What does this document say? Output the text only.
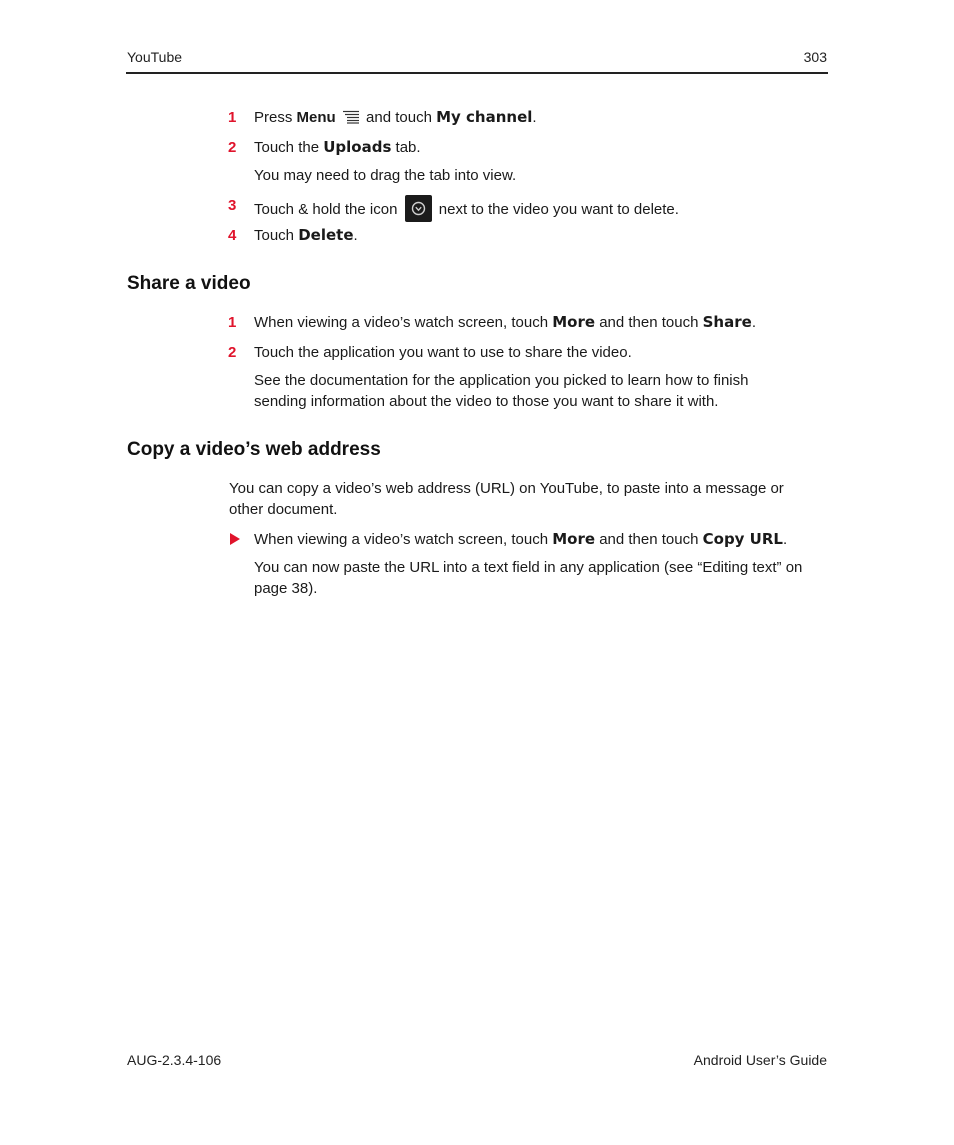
YouTube	303
1 Press Menu  and touch My channel.
2 Touch the Uploads tab.
You may need to drag the tab into view.
3 Touch & hold the icon
next to the video you want to delete.
4 Touch Delete.
Share a video
1 When viewing a video’s watch screen, touch More and then touch Share.
2 Touch the application you want to use to share the video.
See the documentation for the application you picked to learn how to finish
sending information about the video to those you want to share it with.
Copy a video’s web address
You can copy a video’s web address (URL) on YouTube, to paste into a message or
other document.
When viewing a video’s watch screen, touch More and then touch Copy URL.
You can now paste the URL into a text field in any application (see “Editing text” on
page 38).
AUG-2.3.4-106	Android User’s Guide
